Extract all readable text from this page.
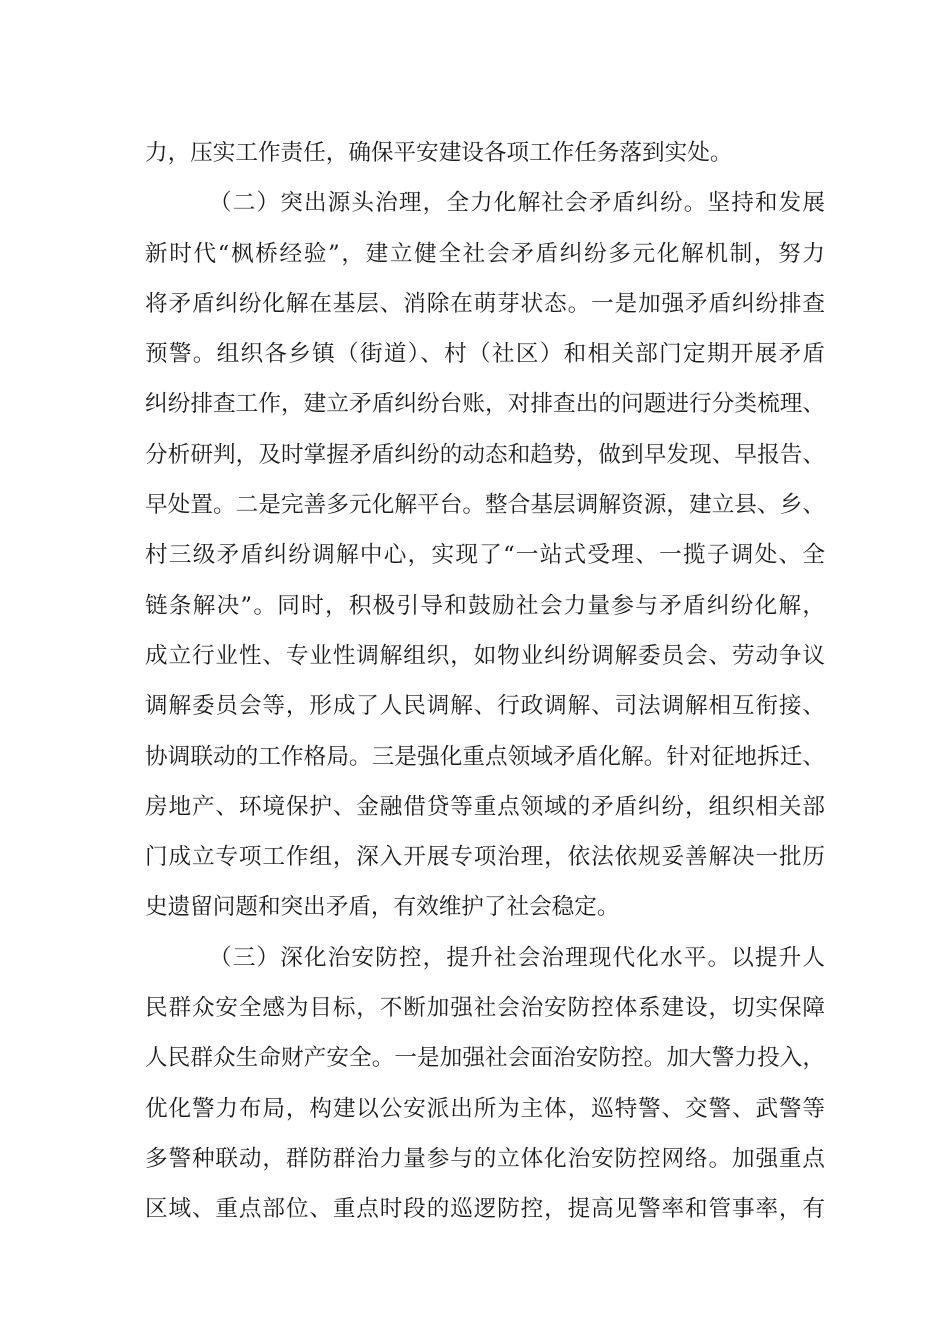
力，压实工作责任，确保平安建设各项工作任务落到实处。
（二）突出源头治理，全力化解社会矛盾纠纷。坚持和发展
新时代“枫桥经验”，建立健全社会矛盾纠纷多元化解机制，努力
将矛盾纠纷化解在基层、消除在萌芽状态。一是加强矛盾纠纷排查
预警。组织各乡镇（街道）、村（社区）和相关部门定期开展矛盾
纠纷排查工作，建立矛盾纠纷台账，对排查出的问题进行分类梳理、
分析研判，及时掌握矛盾纠纷的动态和趋势，做到早发现、早报告、
早处置。二是完善多元化解平台。整合基层调解资源，建立县、乡、
村三级矛盾纠纷调解中心，实现了“一站式受理、一揽子调处、全
链条解决”。同时，积极引导和鼓励社会力量参与矛盾纠纷化解，
成立行业性、专业性调解组织，如物业纠纷调解委员会、劳动争议
调解委员会等，形成了人民调解、行政调解、司法调解相互衔接、
协调联动的工作格局。三是强化重点领域矛盾化解。针对征地拆迁、
房地产、环境保护、金融借贷等重点领域的矛盾纠纷，组织相关部
门成立专项工作组，深入开展专项治理，依法依规妥善解决一批历
史遗留问题和突出矛盾，有效维护了社会稳定。
（三）深化治安防控，提升社会治理现代化水平。以提升人
民群众安全感为目标，不断加强社会治安防控体系建设，切实保障
人民群众生命财产安全。一是加强社会面治安防控。加大警力投入，
优化警力布局，构建以公安派出所为主体，巡特警、交警、武警等
多警种联动，群防群治力量参与的立体化治安防控网络。加强重点
区域、重点部位、重点时段的巡逻防控，提高见警率和管事率，有
